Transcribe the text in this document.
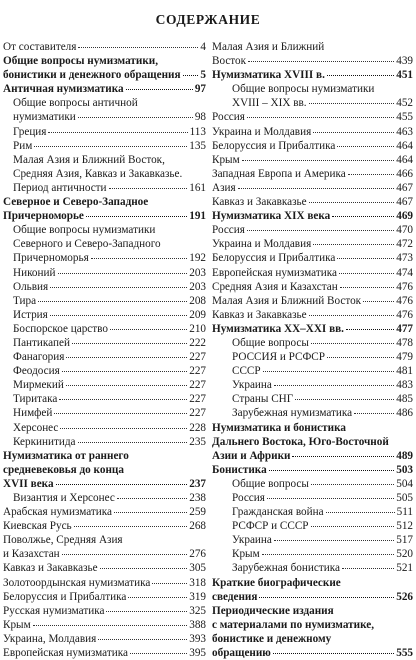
СОДЕРЖАНИЕ
От составителя	4
Общие вопросы нумизматики,
бонистики и денежного обращения 5
Античная нумизматика	97
Общие вопросы античной
нумизматики	98
Греция	113
Рим	135
Малая Азия и Ближний Восток,
Средняя Азия, Кавказ и Закавказье.
Период античности	161
Северное и Северо-Западное
Причерноморье	191
Общие вопросы нумизматики
Северного и Северо-Западного
Причерноморья	192
Никоний	203
Ольвия	203
Тира	208
Истрия	209
Боспорское царство	210
Пантикапей	222
Фанагория	227
Феодосия	227
Мирмекий	227
Тиритака	227
Нимфей	227
Херсонес	228
Керкинитида	235
Нумизматика от раннего
средневековья до конца
XVII века	237
Византия и Херсонес	238
Арабская нумизматика	259
Киевская Русь	268
Поволжье, Средняя Азия
и Казахстан	276
Кавказ и Закавказье	305
Золотоордынская нумизматика	318
Белоруссия и Прибалтика	319
Русская нумизматика	325
Крым	388
Украина, Молдавия	393
Европейская нумизматика	395
Малая Азия и Ближний
Восток	439
Нумизматика XVIII в.	451
Общие вопросы нумизматики
XVIII – XIX вв.	452
Россия	455
Украина и Молдавия	463
Белоруссия и Прибалтика	464
Крым	464
Западная Европа и Америка	466
Азия	467
Кавказ и Закавказье	467
Нумизматика XIX века	469
Россия	470
Украина и Молдавия	472
Белоруссия и Прибалтика	473
Европейская нумизматика	474
Средняя Азия и Казахстан	476
Малая Азия и Ближний Восток	476
Кавказ и Закавказье	476
Нумизматика XX–XXI вв.	477
Общие вопросы	478
РОССИЯ и РСФСР	479
СССР	481
Украина	483
Страны СНГ	485
Зарубежная нумизматика	486
Нумизматика и бонистика
Дальнего Востока, Юго-Восточной
Азии и Африки	489
Бонистика	503
Общие вопросы	504
Россия	505
Гражданская война	511
РСФСР и СССР	512
Украина	517
Крым	520
Зарубежная бонистика	521
Краткие биографические
сведения	526
Периодические издания
с материалами по нумизматике,
бонистике и денежному
обращению	555
